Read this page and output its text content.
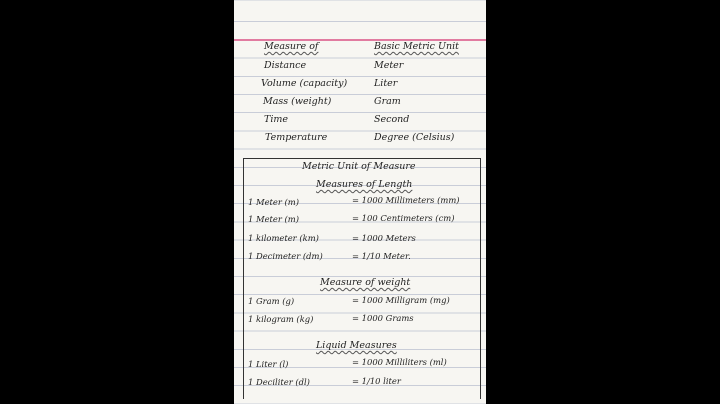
Measure of	Basic Metric Unit
Distance	Meter
Volume (capacity)	Liter
Mass (weight)	Gram
Time	Second
Temperature	Degree (Celsius)
Metric Unit of Measure
Measures of Length
1 Meter (m)	= 1000 Millimeters (mm)
1 Meter (m)	= 100 Centimeters (cm)
1 kilometer (km)	= 1000 Meters
1 Decimeter (dm)	= 1/10 Meter.
Measure of weight
1 Gram (g)	= 1000 Milligram (mg)
1 kilogram (kg)	= 1000 Grams
Liquid Measures
1 Liter (l)	= 1000 Milliliters (ml)
1 Deciliter (dl)	= 1/10 liter
